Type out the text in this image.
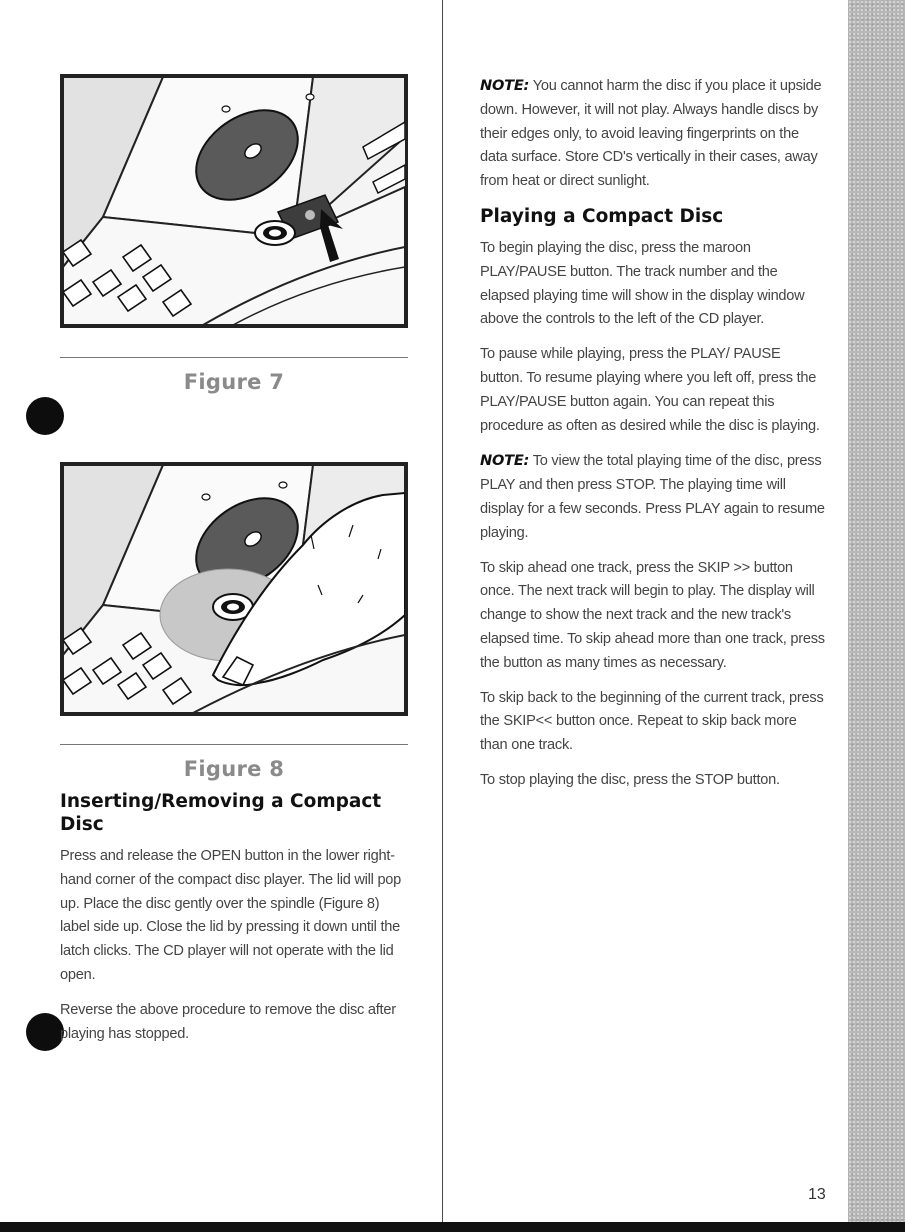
Figure 7
Figure 8
Inserting/Removing a Compact Disc

Press and release the OPEN button in the lower right-hand corner of the compact disc player. The lid will pop up. Place the disc gently over the spindle (Figure 8) label side up. Close the lid by pressing it down until the latch clicks. The CD player will not operate with the lid open.

Reverse the above procedure to remove the disc after playing has stopped.

NOTE: You cannot harm the disc if you place it upside down. However, it will not play. Always handle discs by their edges only, to avoid leaving fingerprints on the data surface. Store CD's vertically in their cases, away from heat or direct sunlight.

Playing a Compact Disc

To begin playing the disc, press the maroon PLAY/PAUSE button. The track number and the elapsed playing time will show in the display window above the controls to the left of the CD player.

To pause while playing, press the PLAY/ PAUSE button. To resume playing where you left off, press the PLAY/PAUSE button again. You can repeat this procedure as often as desired while the disc is playing.

NOTE: To view the total playing time of the disc, press PLAY and then press STOP. The playing time will display for a few seconds. Press PLAY again to resume playing.

To skip ahead one track, press the SKIP >> button once. The next track will begin to play. The display will change to show the next track and the new track's elapsed time. To skip ahead more than one track, press the button as many times as necessary.

To skip back to the beginning of the current track, press the SKIP<< button once. Repeat to skip back more than one track.

To stop playing the disc, press the STOP button.

13
